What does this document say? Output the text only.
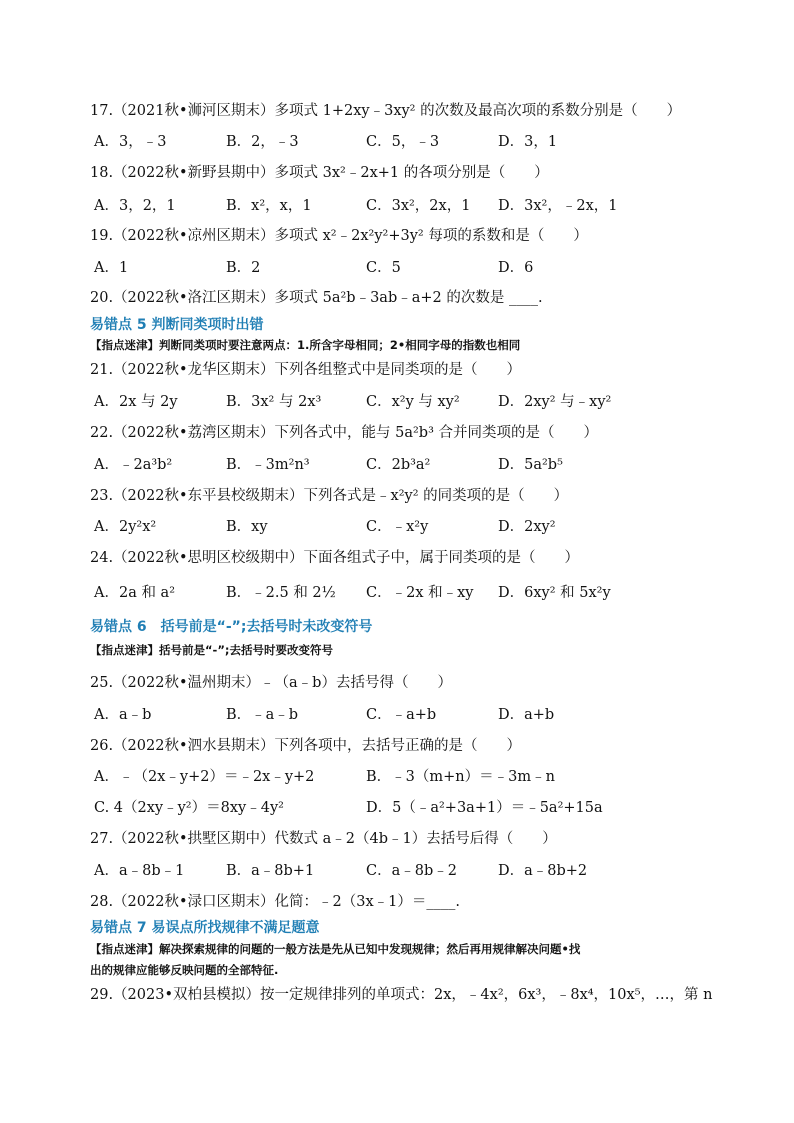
17.（2021秋•浉河区期末）多项式 1+2xy﹣3xy² 的次数及最高次项的系数分别是（　　）
A．3，﹣3	B．2，﹣3	C．5，﹣3	D．3，1
18.（2022秋•新野县期中）多项式 3x²﹣2x+1 的各项分别是（　　）
A．3，2，1	B．x²，x，1	C．3x²，2x，1 D．3x²，﹣2x，1
19.（2022秋•凉州区期末）多项式 x²﹣2x²y²+3y² 每项的系数和是（　　）
A．1	B．2	C．5	D．6
20.（2022秋•洛江区期末）多项式 5a²b﹣3ab﹣a+2 的次数是 ____.
易错点 5 判断同类项时出错
【指点迷津】判断同类项时要注意两点：1.所含字母相同；2•相同字母的指数也相同
21.（2022秋•龙华区期末）下列各组整式中是同类项的是（　　）
A．2x 与 2y	B．3x² 与 2x³	C．x²y 与 xy²	D．2xy² 与﹣xy²
22.（2022秋•荔湾区期末）下列各式中，能与 5a²b³ 合并同类项的是（　　）
A．﹣2a³b²	B．﹣3m²n³	C．2b³a²	D．5a²b⁵
23.（2022秋•东平县校级期末）下列各式是﹣x²y² 的同类项的是（　　）
A．2y²x²	B．xy	C．﹣x²y	D．2xy²
24.（2022秋•思明区校级期中）下面各组式子中，属于同类项的是（　　）
A．2a 和 a²	B．﹣2.5 和 2½ C．﹣2x 和﹣xy D．6xy² 和 5x²y
易错点 6　括号前是“-”;去括号时未改变符号
【指点迷津】括号前是“-”;去括号时要改变符号
25.（2022秋•温州期末）﹣（a﹣b）去括号得（　　）
A．a﹣b	B．﹣a﹣b	C．﹣a+b	D．a+b
26.（2022秋•泗水县期末）下列各项中，去括号正确的是（　　）
A．﹣（2x﹣y+2）＝﹣2x﹣y+2	B．﹣3（m+n）＝﹣3m﹣n
C. 4（2xy﹣y²）＝8xy﹣4y²	D．5（﹣a²+3a+1）＝﹣5a²+15a
27.（2022秋•拱墅区期中）代数式 a﹣2（4b﹣1）去括号后得（　　）
A．a﹣8b﹣1	B．a﹣8b+1	C．a﹣8b﹣2	D．a﹣8b+2
28.（2022秋•渌口区期末）化简：﹣2（3x﹣1）＝____.
易错点 7 易误点所找规律不满足题意
【指点迷津】解决探索规律的问题的一般方法是先从已知中发现规律；然后再用规律解决问题•找
出的规律应能够反映问题的全部特征.
29.（2023•双柏县模拟）按一定规律排列的单项式：2x，﹣4x²，6x³，﹣8x⁴，10x⁵，…，第 n
